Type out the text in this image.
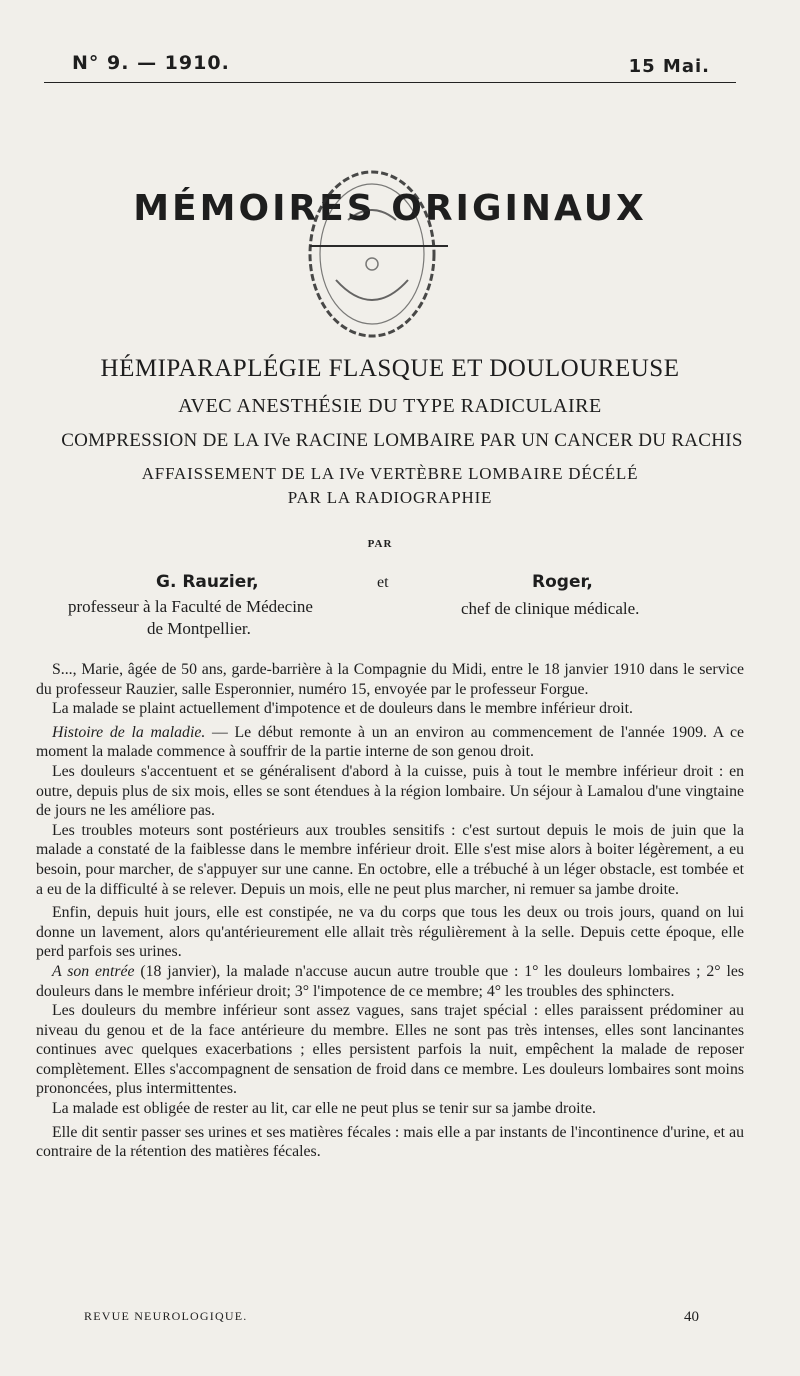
N° 9. — 1910.	15 Mai.
MÉMOIRES ORIGINAUX
HÉMIPARAPLÉGIE FLASQUE ET DOULOUREUSE
AVEC ANESTHÉSIE DU TYPE RADICULAIRE
COMPRESSION DE LA IVe RACINE LOMBAIRE PAR UN CANCER DU RACHIS
AFFAISSEMENT DE LA IVe VERTÈBRE LOMBAIRE DÉCÉLÉ
PAR LA RADIOGRAPHIE
PAR
G. Rauzier,	et	Roger,
professeur à la Faculté de Médecine
de Montpellier.
chef de clinique médicale.

S..., Marie, âgée de 50 ans, garde-barrière à la Compagnie du Midi, entre le 18 janvier 1910 dans le service du professeur Rauzier, salle Esperonnier, numéro 15, envoyée par le professeur Forgue.

La malade se plaint actuellement d'impotence et de douleurs dans le membre inférieur droit.

Histoire de la maladie. — Le début remonte à un an environ au commencement de l'année 1909. A ce moment la malade commence à souffrir de la partie interne de son genou droit.

Les douleurs s'accentuent et se généralisent d'abord à la cuisse, puis à tout le membre inférieur droit : en outre, depuis plus de six mois, elles se sont étendues à la région lombaire. Un séjour à Lamalou d'une vingtaine de jours ne les améliore pas.

Les troubles moteurs sont postérieurs aux troubles sensitifs : c'est surtout depuis le mois de juin que la malade a constaté de la faiblesse dans le membre inférieur droit. Elle s'est mise alors à boiter légèrement, a eu besoin, pour marcher, de s'appuyer sur une canne. En octobre, elle a trébuché à un léger obstacle, est tombée et a eu de la difficulté à se relever. Depuis un mois, elle ne peut plus marcher, ni remuer sa jambe droite.

Enfin, depuis huit jours, elle est constipée, ne va du corps que tous les deux ou trois jours, quand on lui donne un lavement, alors qu'antérieurement elle allait très régulièrement à la selle. Depuis cette époque, elle perd parfois ses urines.

A son entrée (18 janvier), la malade n'accuse aucun autre trouble que : 1° les douleurs lombaires ; 2° les douleurs dans le membre inférieur droit; 3° l'impotence de ce membre; 4° les troubles des sphincters.

Les douleurs du membre inférieur sont assez vagues, sans trajet spécial : elles paraissent prédominer au niveau du genou et de la face antérieure du membre. Elles ne sont pas très intenses, elles sont lancinantes continues avec quelques exacerbations ; elles persistent parfois la nuit, empêchent la malade de reposer complètement. Elles s'accompagnent de sensation de froid dans ce membre. Les douleurs lombaires sont moins prononcées, plus intermittentes.

La malade est obligée de rester au lit, car elle ne peut plus se tenir sur sa jambe droite.

Elle dit sentir passer ses urines et ses matières fécales : mais elle a par instants de l'incontinence d'urine, et au contraire de la rétention des matières fécales.

REVUE NEUROLOGIQUE.	40
